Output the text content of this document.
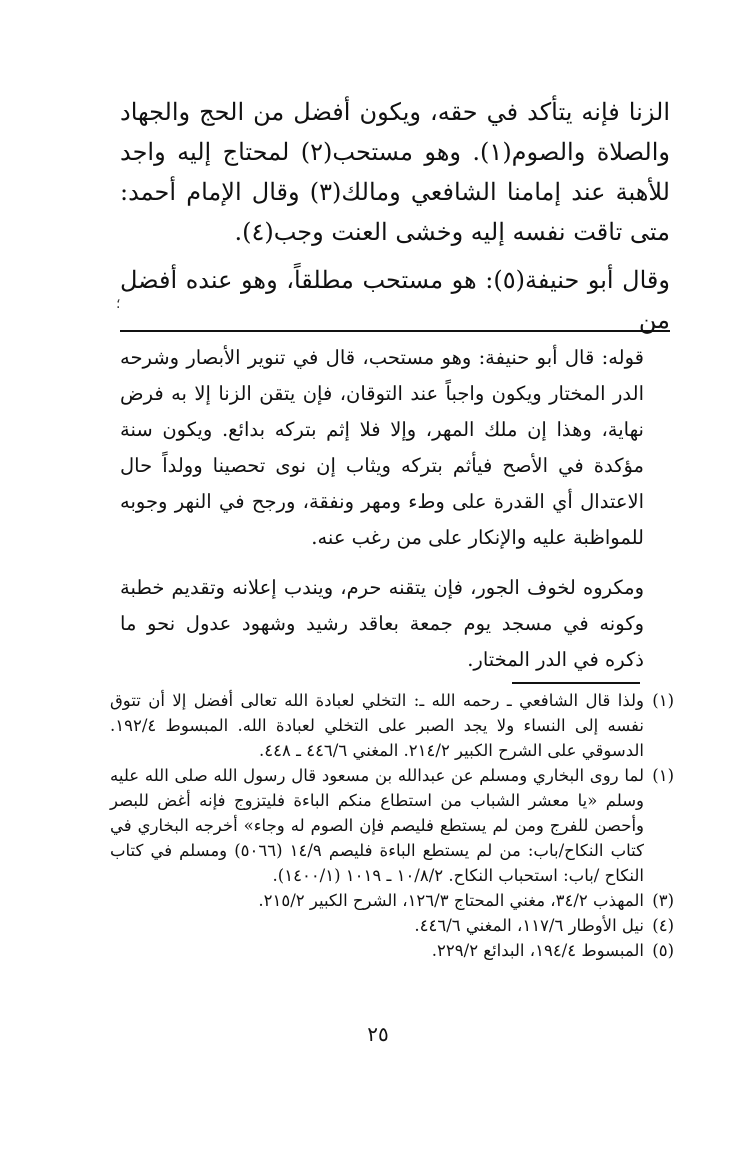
الزنا فإنه يتأكد في حقه، ويكون أفضل من الحج والجهاد والصلاة والصوم(١). وهو مستحب(٢) لمحتاج إليه واجد للأهبة عند إمامنا الشافعي ومالك(٣) وقال الإمام أحمد: متى تاقت نفسه إليه وخشى العنت وجب(٤).

وقال أبو حنيفة(٥): هو مستحب مطلقاً، وهو عنده أفضل من

؛

قوله: قال أبو حنيفة: وهو مستحب، قال في تنوير الأبصار وشرحه الدر المختار ويكون واجباً عند التوقان، فإن يتقن الزنا إلا به فرض نهاية، وهذا إن ملك المهر، وإلا فلا إثم بتركه بدائع. ويكون سنة مؤكدة في الأصح فيأثم بتركه ويثاب إن نوى تحصينا وولداً حال الاعتدال أي القدرة على وطء ومهر ونفقة، ورجح في النهر وجوبه للمواظبة عليه والإنكار على من رغب عنه.

ومكروه لخوف الجور، فإن يتقنه حرم، ويندب إعلانه وتقديم خطبة وكونه في مسجد يوم جمعة بعاقد رشيد وشهود عدول نحو ما ذكره في الدر المختار.

(١)
ولذا قال الشافعي ـ رحمه الله ـ: التخلي لعبادة الله تعالى أفضل إلا أن تتوق نفسه إلى النساء ولا يجد الصبر على التخلي لعبادة الله. المبسوط ١٩٢/٤. الدسوقي على الشرح الكبير ٢١٤/٢. المغني ٤٤٦/٦ ـ ٤٤٨.
(١)
لما روى البخاري ومسلم عن عبدالله بن مسعود قال رسول الله صلى الله عليه وسلم «يا معشر الشباب من استطاع منكم الباءة فليتزوج فإنه أغض للبصر وأحصن للفرج ومن لم يستطع فليصم فإن الصوم له وجاء» أخرجه البخاري في كتاب النكاح/باب: من لم يستطع الباءة فليصم ١٤/٩ (٥٠٦٦) ومسلم في كتاب النكاح /باب: استحباب النكاح. ١٠/٨/٢ ـ ١٠١٩ (١٤٠٠/١).
(٣)
المهذب ٣٤/٢، مغني المحتاج ١٢٦/٣، الشرح الكبير ٢١٥/٢.
(٤)
نيل الأوطار ١١٧/٦، المغني ٤٤٦/٦.
(٥)
المبسوط ١٩٤/٤، البدائع ٢٢٩/٢.
٢٥
